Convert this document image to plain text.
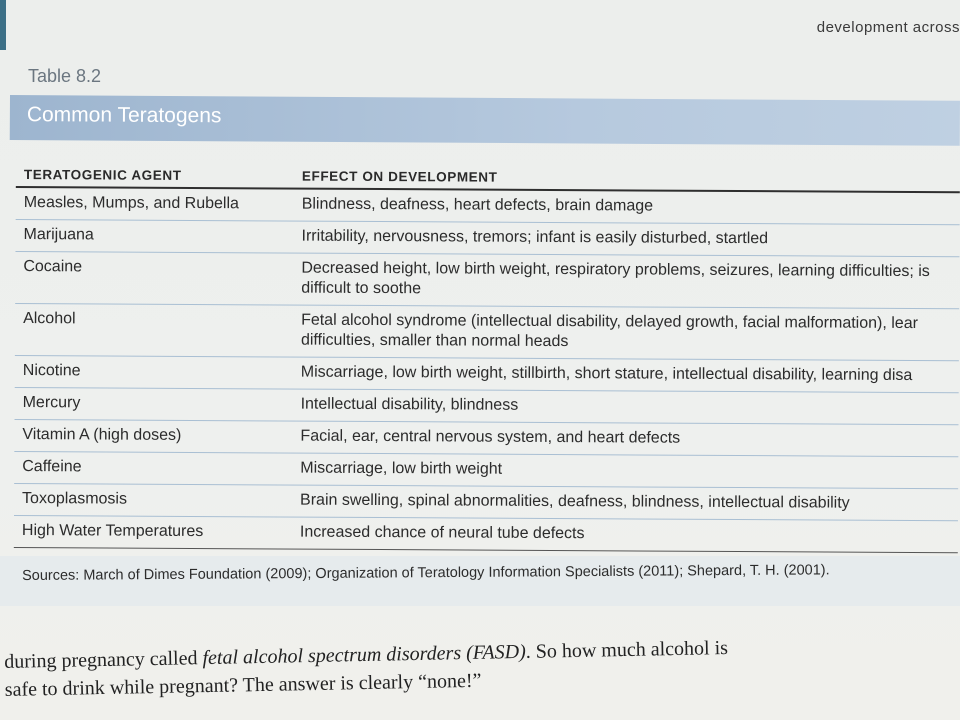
development across
Table 8.2
Common Teratogens
TERATOGENIC AGENT	EFFECT ON DEVELOPMENT
Measles, Mumps, and Rubella	Blindness, deafness, heart defects, brain damage
Marijuana	Irritability, nervousness, tremors; infant is easily disturbed, startled
Cocaine	Decreased height, low birth weight, respiratory problems, seizures, learning difficulties; is difficult to soothe
Alcohol	Fetal alcohol syndrome (intellectual disability, delayed growth, facial malformation), lear difficulties, smaller than normal heads
Nicotine	Miscarriage, low birth weight, stillbirth, short stature, intellectual disability, learning disa
Mercury	Intellectual disability, blindness
Vitamin A (high doses)	Facial, ear, central nervous system, and heart defects
Caffeine	Miscarriage, low birth weight
Toxoplasmosis	Brain swelling, spinal abnormalities, deafness, blindness, intellectual disability
High Water Temperatures	Increased chance of neural tube defects
Sources: March of Dimes Foundation (2009); Organization of Teratology Information Specialists (2011); Shepard, T. H. (2001).

during pregnancy called fetal alcohol spectrum disorders (FASD). So how much alcohol is

safe to drink while pregnant? The answer is clearly “none!”
